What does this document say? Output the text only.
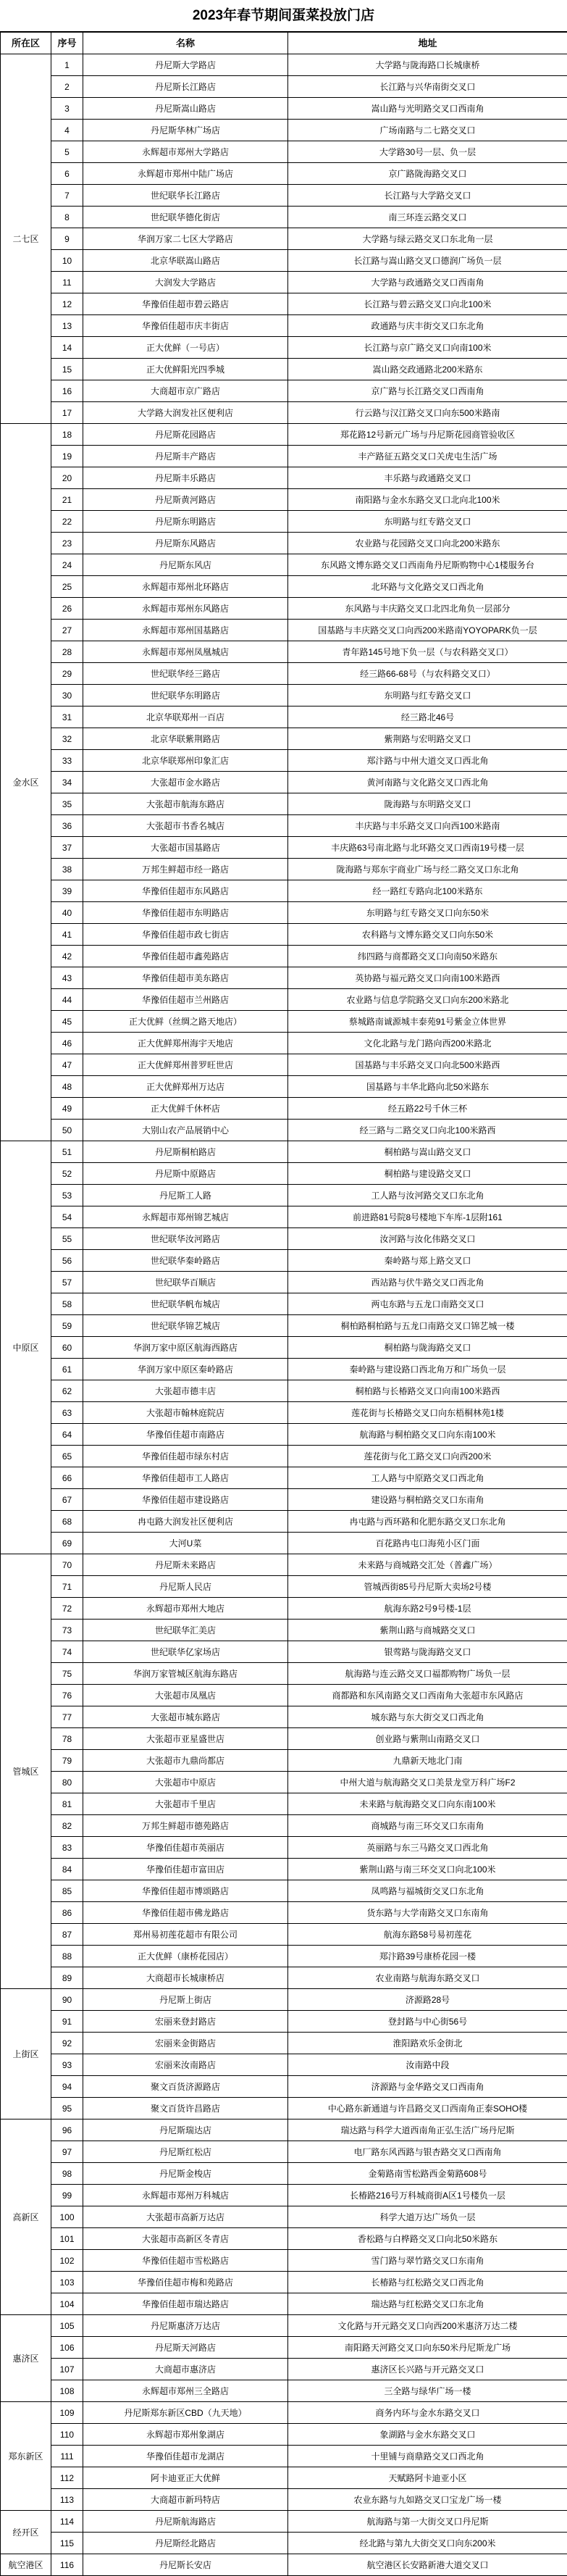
2023年春节期间蛋菜投放门店
所在区	序号	名称	地址
二七区	1	丹尼斯大学路店	大学路与陇海路口长城康桥
	2	丹尼斯长江路店	长江路与兴华南街交叉口
	3	丹尼斯嵩山路店	嵩山路与光明路交叉口西南角
	4	丹尼斯华林广场店	广场南路与二七路交叉口
	5	永辉超市郑州大学路店	大学路30号一层、负一层
	6	永辉超市郑州中陆广场店	京广路陇海路交叉口
	7	世纪联华长江路店	长江路与大学路交叉口
	8	世纪联华德化街店	南三环连云路交叉口
	9	华润万家二七区大学路店	大学路与绿云路交叉口东北角一层
	10	北京华联嵩山路店	长江路与嵩山路交叉口德润广场负一层
	11	大润发大学路店	大学路与政通路交叉口西南角
	12	华豫佰佳超市碧云路店	长江路与碧云路交叉口向北100米
	13	华豫佰佳超市庆丰街店	政通路与庆丰街交叉口东北角
	14	正大优鲜（一号店）	长江路与京广路交叉口向南100米
	15	正大优鲜阳光四季城	嵩山路交政通路北200米路东
	16	大商超市京广路店	京广路与长江路交叉口西南角
	17	大学路大润发社区便利店	行云路与汉江路交叉口向东500米路南
金水区	18	丹尼斯花园路店	郑花路12号新元广场与丹尼斯花园商管验收区
	19	丹尼斯丰产路店	丰产路征五路交叉口关虎屯生活广场
	20	丹尼斯丰乐路店	丰乐路与政通路交叉口
	21	丹尼斯黄河路店	南阳路与金水东路交叉口北向北100米
	22	丹尼斯东明路店	东明路与红专路交叉口
	23	丹尼斯东风路店	农业路与花园路交叉口向北200米路东
	24	丹尼斯东风店	东风路文博东路交叉口西南角丹尼斯购物中心1楼服务台
	25	永辉超市郑州北环路店	北环路与文化路交叉口西北角
	26	永辉超市郑州东风路店	东风路与丰庆路交叉口北四北角负一层部分
	27	永辉超市郑州国基路店	国基路与丰庆路交叉口向西200米路南YOYOPARK负一层
	28	永辉超市郑州凤凰城店	青年路145号地下负一层（与农科路交叉口）
	29	世纪联华经三路店	经三路66-68号（与农科路交叉口）
	30	世纪联华东明路店	东明路与红专路交叉口
	31	北京华联郑州一百店	经三路北46号
	32	北京华联紫荆路店	紫荆路与宏明路交叉口
	33	北京华联郑州印象汇店	郑汴路与中州大道交叉口西北角
	34	大张超市金水路店	黄河南路与文化路交叉口西北角
	35	大张超市航海东路店	陇海路与东明路交叉口
	36	大张超市书香名城店	丰庆路与丰乐路交叉口向西100米路南
	37	大张超市国基路店	丰庆路63号南北路与北环路交叉口西南19号楼一层
	38	万邦生鲜超市经一路店	陇海路与郑东宇商业广场与经二路交叉口东北角
	39	华豫佰佳超市东风路店	经一路红专路向北100米路东
	40	华豫佰佳超市东明路店	东明路与红专路交叉口向东50米
	41	华豫佰佳超市政七街店	农科路与文博东路交叉口向东50米
	42	华豫佰佳超市鑫苑路店	纬四路与商都路交叉口向南50米路东
	43	华豫佰佳超市美东路店	英协路与福元路交叉口向南100米路西
	44	华豫佰佳超市兰州路店	农业路与信息学院路交叉口向东200米路北
	45	正大优鲜（丝绸之路天地店）	蔡城路南诚源城丰泰苑91号紫金立体世界
	46	正大优鲜郑州海宇天地店	文化北路与龙门路向西200米路北
	47	正大优鲜郑州普罗旺世店	国基路与丰乐路交叉口向北500米路西
	48	正大优鲜郑州万达店	国基路与丰华北路向北50米路东
	49	正大优鲜千休杯店	经五路22号千休三杯
	50	大别山农产品展销中心	经三路与二路交叉口向北100米路西
中原区	51	丹尼斯桐柏路店	桐柏路与嵩山路交叉口
	52	丹尼斯中原路店	桐柏路与建设路交叉口
	53	丹尼斯工人路	工人路与汝河路交叉口东北角
	54	永辉超市郑州锦艺城店	前进路81号院8号楼地下车库-1层附161
	55	世纪联华汝河路店	汝河路与汝化伟路交叉口
	56	世纪联华秦岭路店	秦岭路与郑上路交叉口
	57	世纪联华百顺店	西站路与伏牛路交叉口西北角
	58	世纪联华帆布城店	两屯东路与五龙口南路交叉口
	59	世纪联华锦艺城店	桐柏路桐柏路与五龙口南路交叉口锦艺城一楼
	60	华润万家中原区航海西路店	桐柏路与陇海路交叉口
	61	华润万家中原区秦岭路店	秦岭路与建设路口西北角万和广场负一层
	62	大张超市德丰店	桐柏路与长椿路交叉口向南100米路西
	63	大张超市翰林庭院店	莲花街与长椿路交叉口向东梧桐林苑1楼
	64	华豫佰佳超市南路店	航海路与桐柏路交叉口向东南100米
	65	华豫佰佳超市绿东村店	莲花街与化工路交叉口向西200米
	66	华豫佰佳超市工人路店	工人路与中原路交叉口西北角
	67	华豫佰佳超市建设路店	建设路与桐柏路交叉口东南角
	68	冉屯路大润发社区便利店	冉屯路与西环路和化肥东路交叉口东北角
	69	大河U菜	百花路冉屯口海苑小区门面
管城区	70	丹尼斯未来路店	未来路与商城路交汇处（普鑫广场）
	71	丹尼斯人民店	管城西街85号丹尼斯大卖场2号楼
	72	永辉超市郑州大地店	航海东路2号9号楼-1层
	73	世纪联华汇美店	紫荆山路与商城路交叉口
	74	世纪联华亿家场店	银莺路与陇海路交叉口
	75	华润万家管城区航海东路店	航海路与连云路交叉口福都购物广场负一层
	76	大张超市凤凰店	商都路和东风南路交叉口西南角大张超市东风路店
	77	大张超市城东路店	城东路与东大街交叉口西北角
	78	大张超市亚星盛世店	创业路与紫荆山南路交叉口
	79	大张超市九鼎尚都店	九鼎新天地北门南
	80	大张超市中原店	中州大道与航海路交叉口美景龙堂万科广场F2
	81	大张超市千里店	未来路与航海路交叉口向东南100米
	82	万邦生鲜超市德苑路店	商城路与南三环交叉口东南角
	83	华豫佰佳超市英丽店	英丽路与东三马路交叉口西北角
	84	华豫佰佳超市富田店	紫荆山路与南三环交叉口向北100米
	85	华豫佰佳超市博颂路店	凤鸣路与福城街交叉口东北角
	86	华豫佰佳超市佛龙路店	货东路与大学南路交叉口东南角
	87	郑州易初莲花超市有限公司	航海东路58号易初莲花
	88	正大优鲜（康桥花园店）	郑汴路39号康桥花园一楼
	89	大商超市长城康桥店	农业南路与航海东路交叉口
上街区	90	丹尼斯上街店	济源路28号
	91	宏丽来登封路店	登封路与中心街56号
	92	宏丽来金街路店	淮阳路欢乐金街北
	93	宏丽来汝南路店	汝南路中段
	94	聚文百货济源路店	济源路与金华路交叉口西南角
	95	聚文百货许昌路店	中心路东新通道与许昌路交叉口西南角正泰SOHO楼
高新区	96	丹尼斯瑞达店	瑞达路与科学大道西南角正弘生活广场丹尼斯
	97	丹尼斯红松店	电厂路东风西路与银杏路交叉口西南角
	98	丹尼斯金梭店	金菊路南雪松路西金菊路608号
	99	永辉超市郑州万科城店	长椿路216号万科城商街A区1号楼负一层
	100	大张超市高新万达店	科学大道万达广场负一层
	101	大张超市高新区冬青店	香松路与白桦路交叉口向北50米路东
	102	华豫佰佳超市雪松路店	雪门路与翠竹路交叉口东南角
	103	华豫佰佳超市梅和苑路店	长椿路与红松路交叉口西北角
	104	华豫佰佳超市瑞达路店	瑞达路与红松路交叉口东北角
惠济区	105	丹尼斯惠济万达店	文化路与开元路交叉口向西200米惠济万达二楼
	106	丹尼斯天河路店	南阳路天河路交叉口向东50米丹尼斯龙广场
	107	大商超市惠济店	惠济区长兴路与开元路交叉口
	108	永辉超市郑州三全路店	三全路与绿华广场一楼
郑东新区	109	丹尼斯郑东新区CBD（九天地）	商务内环与金水东路交叉口
	110	永辉超市郑州象湖店	象湖路与金水东路交叉口
	111	华豫佰佳超市龙湖店	十里铺与商鼎路交叉口西北角
	112	阿卡迪亚正大优鲜	天赋路阿卡迪亚小区
	113	大商超市新玛特店	农业东路与九如路交叉口宝龙广场一楼
经开区	114	丹尼斯航海路店	航海路与第一大街交叉口丹尼斯
	115	丹尼斯经北路店	经北路与第九大街交叉口向东200米
航空港区	116	丹尼斯长安店	航空港区长安路新港大道交叉口
